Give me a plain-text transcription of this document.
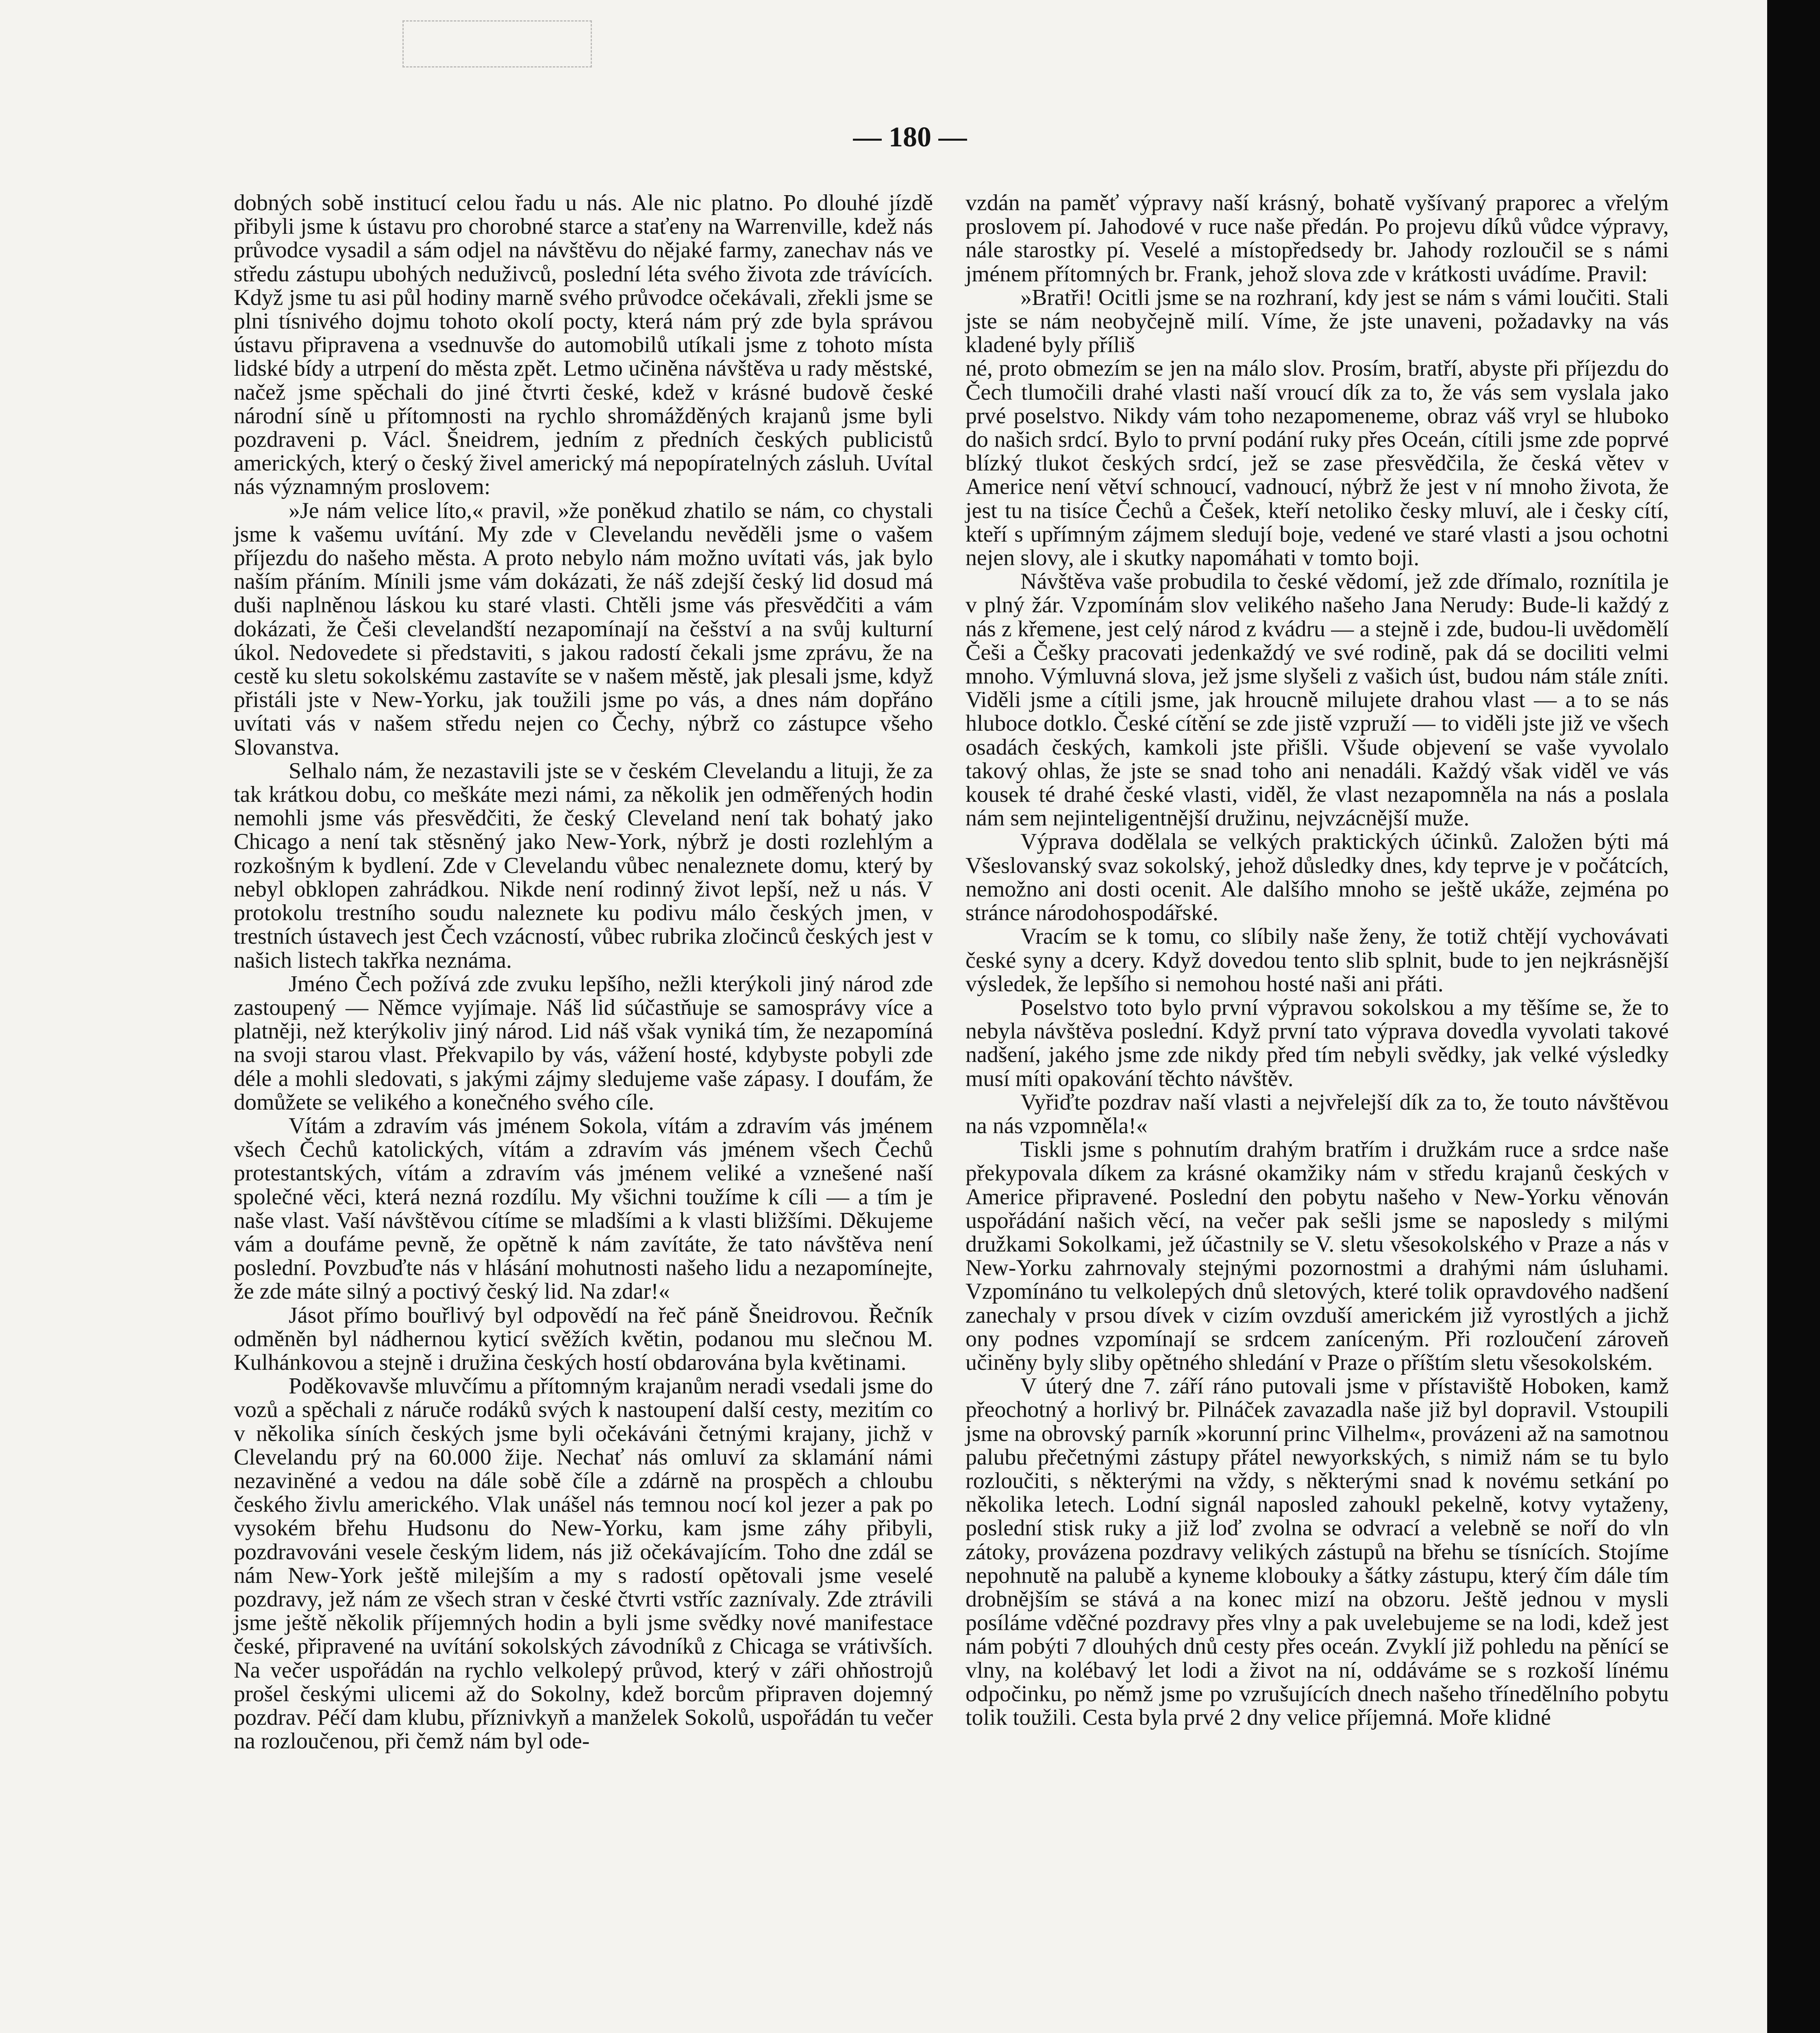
— 180 —

dobných sobě institucí celou řadu u nás. Ale nic platno. Po dlouhé jízdě přibyli jsme k ústavu pro chorobné starce a staťeny na Warrenville, kdež nás průvodce vysadil a sám odjel na návštěvu do nějaké farmy, zanechav nás ve středu zástupu ubohých neduživců, poslední léta svého života zde trávících. Když jsme tu asi půl hodiny marně svého průvodce očekávali, zřekli jsme se plni tísnivého dojmu tohoto okolí pocty, která nám prý zde byla správou ústavu připravena a vsednuvše do automobilů utíkali jsme z tohoto místa lidské bídy a utrpení do města zpět. Letmo učiněna návštěva u rady městské, načež jsme spěchali do jiné čtvrti české, kdež v krásné budově české národní síně u přítomnosti na rychlo shromážděných krajanů jsme byli pozdraveni p. Václ. Šneidrem, jedním z předních českých publicistů amerických, který o český živel americký má nepopíratelných zásluh. Uvítal nás významným proslovem:

»Je nám velice líto,« pravil, »že poněkud zhatilo se nám, co chystali jsme k vašemu uvítání. My zde v Clevelandu nevěděli jsme o vašem příjezdu do našeho města. A proto nebylo nám možno uvítati vás, jak bylo naším přáním. Mínili jsme vám dokázati, že náš zdejší český lid dosud má duši naplněnou láskou ku staré vlasti. Chtěli jsme vás přesvědčiti a vám dokázati, že Češi clevelandští nezapomínají na češství a na svůj kulturní úkol. Nedovedete si představiti, s jakou radostí čekali jsme zprávu, že na cestě ku sletu sokolskému zastavíte se v našem městě, jak plesali jsme, když přistáli jste v New-Yorku, jak toužili jsme po vás, a dnes nám dopřáno uvítati vás v našem středu nejen co Čechy, nýbrž co zástupce všeho Slovanstva.

Selhalo nám, že nezastavili jste se v českém Clevelandu a lituji, že za tak krátkou dobu, co meškáte mezi námi, za několik jen odměřených hodin nemohli jsme vás přesvědčiti, že český Cleveland není tak bohatý jako Chicago a není tak stěsněný jako New-York, nýbrž je dosti rozlehlým a rozkošným k bydlení. Zde v Clevelandu vůbec nenaleznete domu, který by nebyl obklopen zahrádkou. Nikde není rodinný život lepší, než u nás. V protokolu trestního soudu naleznete ku podivu málo českých jmen, v trestních ústavech jest Čech vzácností, vůbec rubrika zločinců českých jest v našich listech takřka neznáma.

Jméno Čech požívá zde zvuku lepšího, nežli kterýkoli jiný národ zde zastoupený — Němce vyjímaje. Náš lid súčastňuje se samosprávy více a platněji, než kterýkoliv jiný národ. Lid náš však vyniká tím, že nezapomíná na svoji starou vlast. Překvapilo by vás, vážení hosté, kdybyste pobyli zde déle a mohli sledovati, s jakými zájmy sledujeme vaše zápasy. I doufám, že domůžete se velikého a konečného svého cíle.

Vítám a zdravím vás jménem Sokola, vítám a zdravím vás jménem všech Čechů katolických, vítám a zdravím vás jménem všech Čechů protestantských, vítám a zdravím vás jménem veliké a vznešené naší společné věci, která nezná rozdílu. My všichni toužíme k cíli — a tím je naše vlast. Vaší návštěvou cítíme se mladšími a k vlasti bližšími. Děkujeme vám a doufáme pevně, že opětně k nám zavítáte, že tato návštěva není poslední. Povzbuďte nás v hlásání mohutnosti našeho lidu a nezapomínejte, že zde máte silný a poctivý český lid. Na zdar!«

Jásot přímo bouřlivý byl odpovědí na řeč páně Šneidrovou. Řečník odměněn byl nádhernou kyticí svěžích květin, podanou mu slečnou M. Kulhánkovou a stejně i družina českých hostí obdarována byla květinami.

Poděkovavše mluvčímu a přítomným krajanům neradi vsedali jsme do vozů a spěchali z náruče rodáků svých k nastoupení další cesty, mezitím co v několika síních českých jsme byli očekáváni četnými krajany, jichž v Clevelandu prý na 60.000 žije. Nechať nás omluví za sklamání námi nezaviněné a vedou na dále sobě číle a zdárně na prospěch a chloubu českého živlu amerického. Vlak unášel nás temnou nocí kol jezer a pak po vysokém břehu Hudsonu do New-Yorku, kam jsme záhy přibyli, pozdravováni vesele českým lidem, nás již očekávajícím. Toho dne zdál se nám New-York ještě milejším a my s radostí opětovali jsme veselé pozdravy, jež nám ze všech stran v české čtvrti vstříc zaznívaly. Zde ztrávili jsme ještě několik příjemných hodin a byli jsme svědky nové manifestace české, připravené na uvítání sokolských závodníků z Chicaga se vrátivších. Na večer uspořádán na rychlo velkolepý průvod, který v záři ohňostrojů prošel českými ulicemi až do Sokolny, kdež borcům připraven dojemný pozdrav. Péčí dam klubu, příznivkyň a manželek Sokolů, uspořádán tu večer na rozloučenou, při čemž nám byl ode-

vzdán na paměť výpravy naší krásný, bohatě vyšívaný praporec a vřelým proslovem pí. Jahodové v ruce naše předán. Po projevu díků vůdce výpravy, nále starostky pí. Veselé a místopředsedy br. Jahody rozloučil se s námi jménem přítomných br. Frank, jehož slova zde v krátkosti uvádíme. Pravil:

»Bratři! Ocitli jsme se na rozhraní, kdy jest se nám s vámi loučiti. Stali jste se nám neobyčejně milí. Víme, že jste unaveni, požadavky na vás kladené byly příliš

né, proto obmezím se jen na málo slov. Prosím, bratří, abyste při příjezdu do Čech tlumočili drahé vlasti naší vroucí dík za to, že vás sem vyslala jako prvé poselstvo. Nikdy vám toho nezapomeneme, obraz váš vryl se hluboko do našich srdcí. Bylo to první podání ruky přes Oceán, cítili jsme zde poprvé blízký tlukot českých srdcí, jež se zase přesvědčila, že česká větev v Americe není větví schnoucí, vadnoucí, nýbrž že jest v ní mnoho života, že jest tu na tisíce Čechů a Češek, kteří netoliko česky mluví, ale i česky cítí, kteří s upřímným zájmem sledují boje, vedené ve staré vlasti a jsou ochotni nejen slovy, ale i skutky napomáhati v tomto boji.

Návštěva vaše probudila to české vědomí, jež zde dřímalo, roznítila je v plný žár. Vzpomínám slov velikého našeho Jana Nerudy: Bude-li každý z nás z křemene, jest celý národ z kvádru — a stejně i zde, budou-li uvědomělí Češi a Češky pracovati jedenkaždý ve své rodině, pak dá se dociliti velmi mnoho. Výmluvná slova, jež jsme slyšeli z vašich úst, budou nám stále zníti. Viděli jsme a cítili jsme, jak hroucně milujete drahou vlast — a to se nás hluboce dotklo. České cítění se zde jistě vzpruží — to viděli jste již ve všech osadách českých, kamkoli jste přišli. Všude objevení se vaše vyvolalo takový ohlas, že jste se snad toho ani nenadáli. Každý však viděl ve vás kousek té drahé české vlasti, viděl, že vlast nezapomněla na nás a poslala nám sem nejinteligentnější družinu, nejvzácnější muže.

Výprava dodělala se velkých praktických účinků. Založen býti má Všeslovanský svaz sokolský, jehož důsledky dnes, kdy teprve je v počátcích, nemožno ani dosti ocenit. Ale dalšího mnoho se ještě ukáže, zejména po stránce národohospodářské.

Vracím se k tomu, co slíbily naše ženy, že totiž chtějí vychovávati české syny a dcery. Když dovedou tento slib splnit, bude to jen nejkrásnější výsledek, že lepšího si nemohou hosté naši ani přáti.

Poselstvo toto bylo první výpravou sokolskou a my těšíme se, že to nebyla návštěva poslední. Když první tato výprava dovedla vyvolati takové nadšení, jakého jsme zde nikdy před tím nebyli svědky, jak velké výsledky musí míti opakování těchto návštěv.

Vyřiďte pozdrav naší vlasti a nejvřelejší dík za to, že touto návštěvou na nás vzpomněla!«

Tiskli jsme s pohnutím drahým bratřím i družkám ruce a srdce naše překypovala díkem za krásné okamžiky nám v středu krajanů českých v Americe připravené. Poslední den pobytu našeho v New-Yorku věnován uspořádání našich věcí, na večer pak sešli jsme se naposledy s milými družkami Sokolkami, jež účastnily se V. sletu všesokolského v Praze a nás v New-Yorku zahrnovaly stejnými pozornostmi a drahými nám úsluhami. Vzpomínáno tu velkolepých dnů sletových, které tolik opravdového nadšení zanechaly v prsou dívek v cizím ovzduší americkém již vyrostlých a jichž ony podnes vzpomínají se srdcem zaníceným. Při rozloučení zároveň učiněny byly sliby opětného shledání v Praze o příštím sletu všesokolském.

V úterý dne 7. září ráno putovali jsme v přístaviště Hoboken, kamž přeochotný a horlivý br. Pilnáček zavazadla naše již byl dopravil. Vstoupili jsme na obrovský parník »korunní princ Vilhelm«, provázeni až na samotnou palubu přečetnými zástupy přátel newyorkských, s nimiž nám se tu bylo rozloučiti, s některými na vždy, s některými snad k novému setkání po několika letech. Lodní signál naposled zahoukl pekelně, kotvy vytaženy, poslední stisk ruky a již loď zvolna se odvrací a velebně se noří do vln zátoky, provázena pozdravy velikých zástupů na břehu se tísnících. Stojíme nepohnutě na palubě a kyneme klobouky a šátky zástupu, který čím dále tím drobnějším se stává a na konec mizí na obzoru. Ještě jednou v mysli posíláme vděčné pozdravy přes vlny a pak uvelebujeme se na lodi, kdež jest nám pobýti 7 dlouhých dnů cesty přes oceán. Zvyklí již pohledu na pěnící se vlny, na kolébavý let lodi a život na ní, oddáváme se s rozkoší línému odpočinku, po němž jsme po vzrušujících dnech našeho třínedělního pobytu tolik toužili. Cesta byla prvé 2 dny velice příjemná. Moře klidné
